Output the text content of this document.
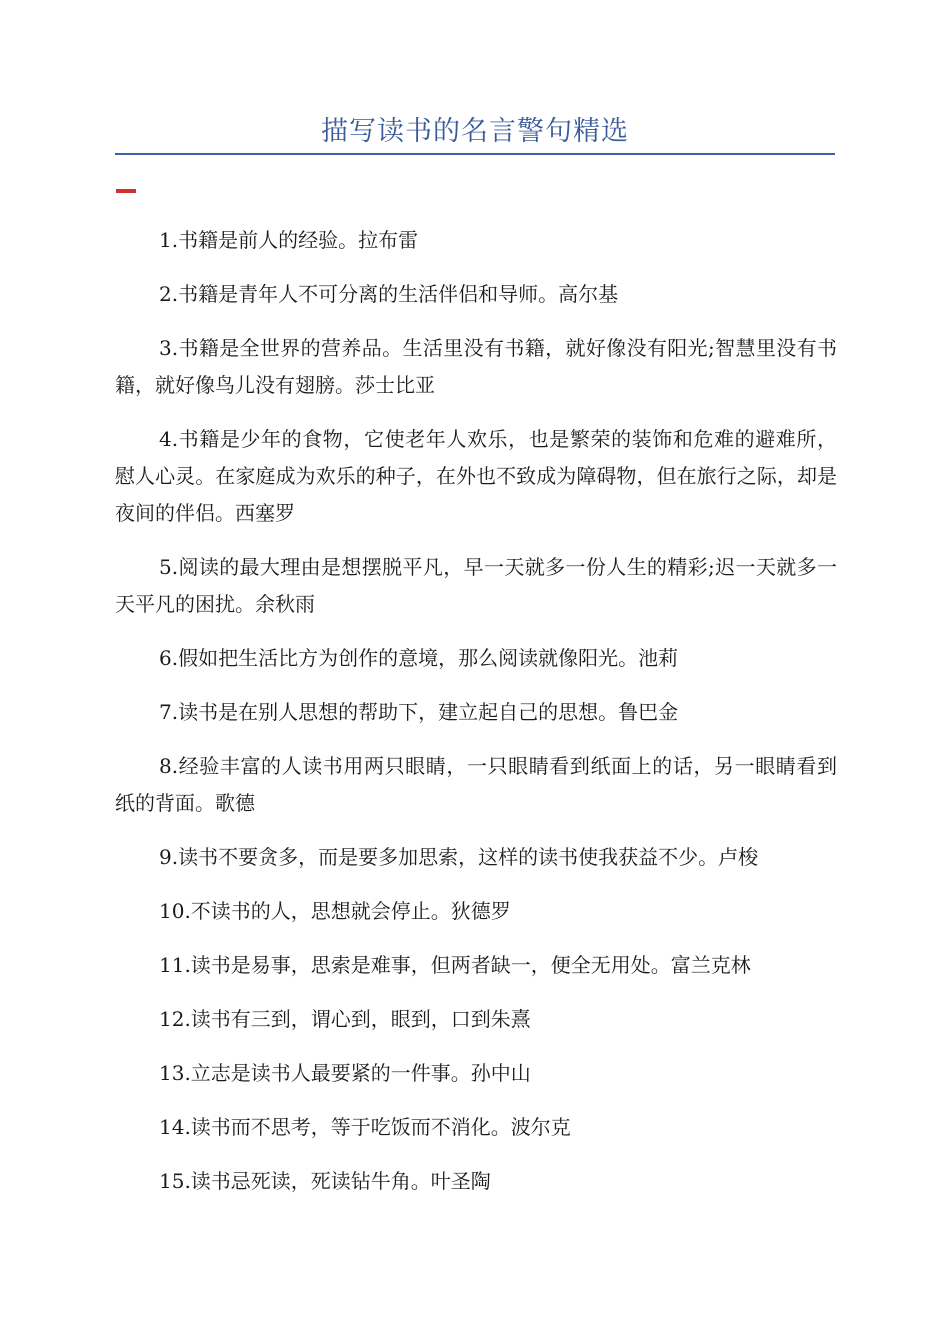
描写读书的名言警句精选
1.书籍是前人的经验。拉布雷
2.书籍是青年人不可分离的生活伴侣和导师。高尔基
3.书籍是全世界的营养品。生活里没有书籍，就好像没有阳光;智慧里没有书籍，就好像鸟儿没有翅膀。莎士比亚
4.书籍是少年的食物，它使老年人欢乐，也是繁荣的装饰和危难的避难所，慰人心灵。在家庭成为欢乐的种子，在外也不致成为障碍物，但在旅行之际，却是夜间的伴侣。西塞罗
5.阅读的最大理由是想摆脱平凡，早一天就多一份人生的精彩;迟一天就多一天平凡的困扰。余秋雨
6.假如把生活比方为创作的意境，那么阅读就像阳光。池莉
7.读书是在别人思想的帮助下，建立起自己的思想。鲁巴金
8.经验丰富的人读书用两只眼睛，一只眼睛看到纸面上的话，另一眼睛看到纸的背面。歌德
9.读书不要贪多，而是要多加思索，这样的读书使我获益不少。卢梭
10.不读书的人，思想就会停止。狄德罗
11.读书是易事，思索是难事，但两者缺一，便全无用处。富兰克林
12.读书有三到，谓心到，眼到，口到朱熹
13.立志是读书人最要紧的一件事。孙中山
14.读书而不思考，等于吃饭而不消化。波尔克
15.读书忌死读，死读钻牛角。叶圣陶
